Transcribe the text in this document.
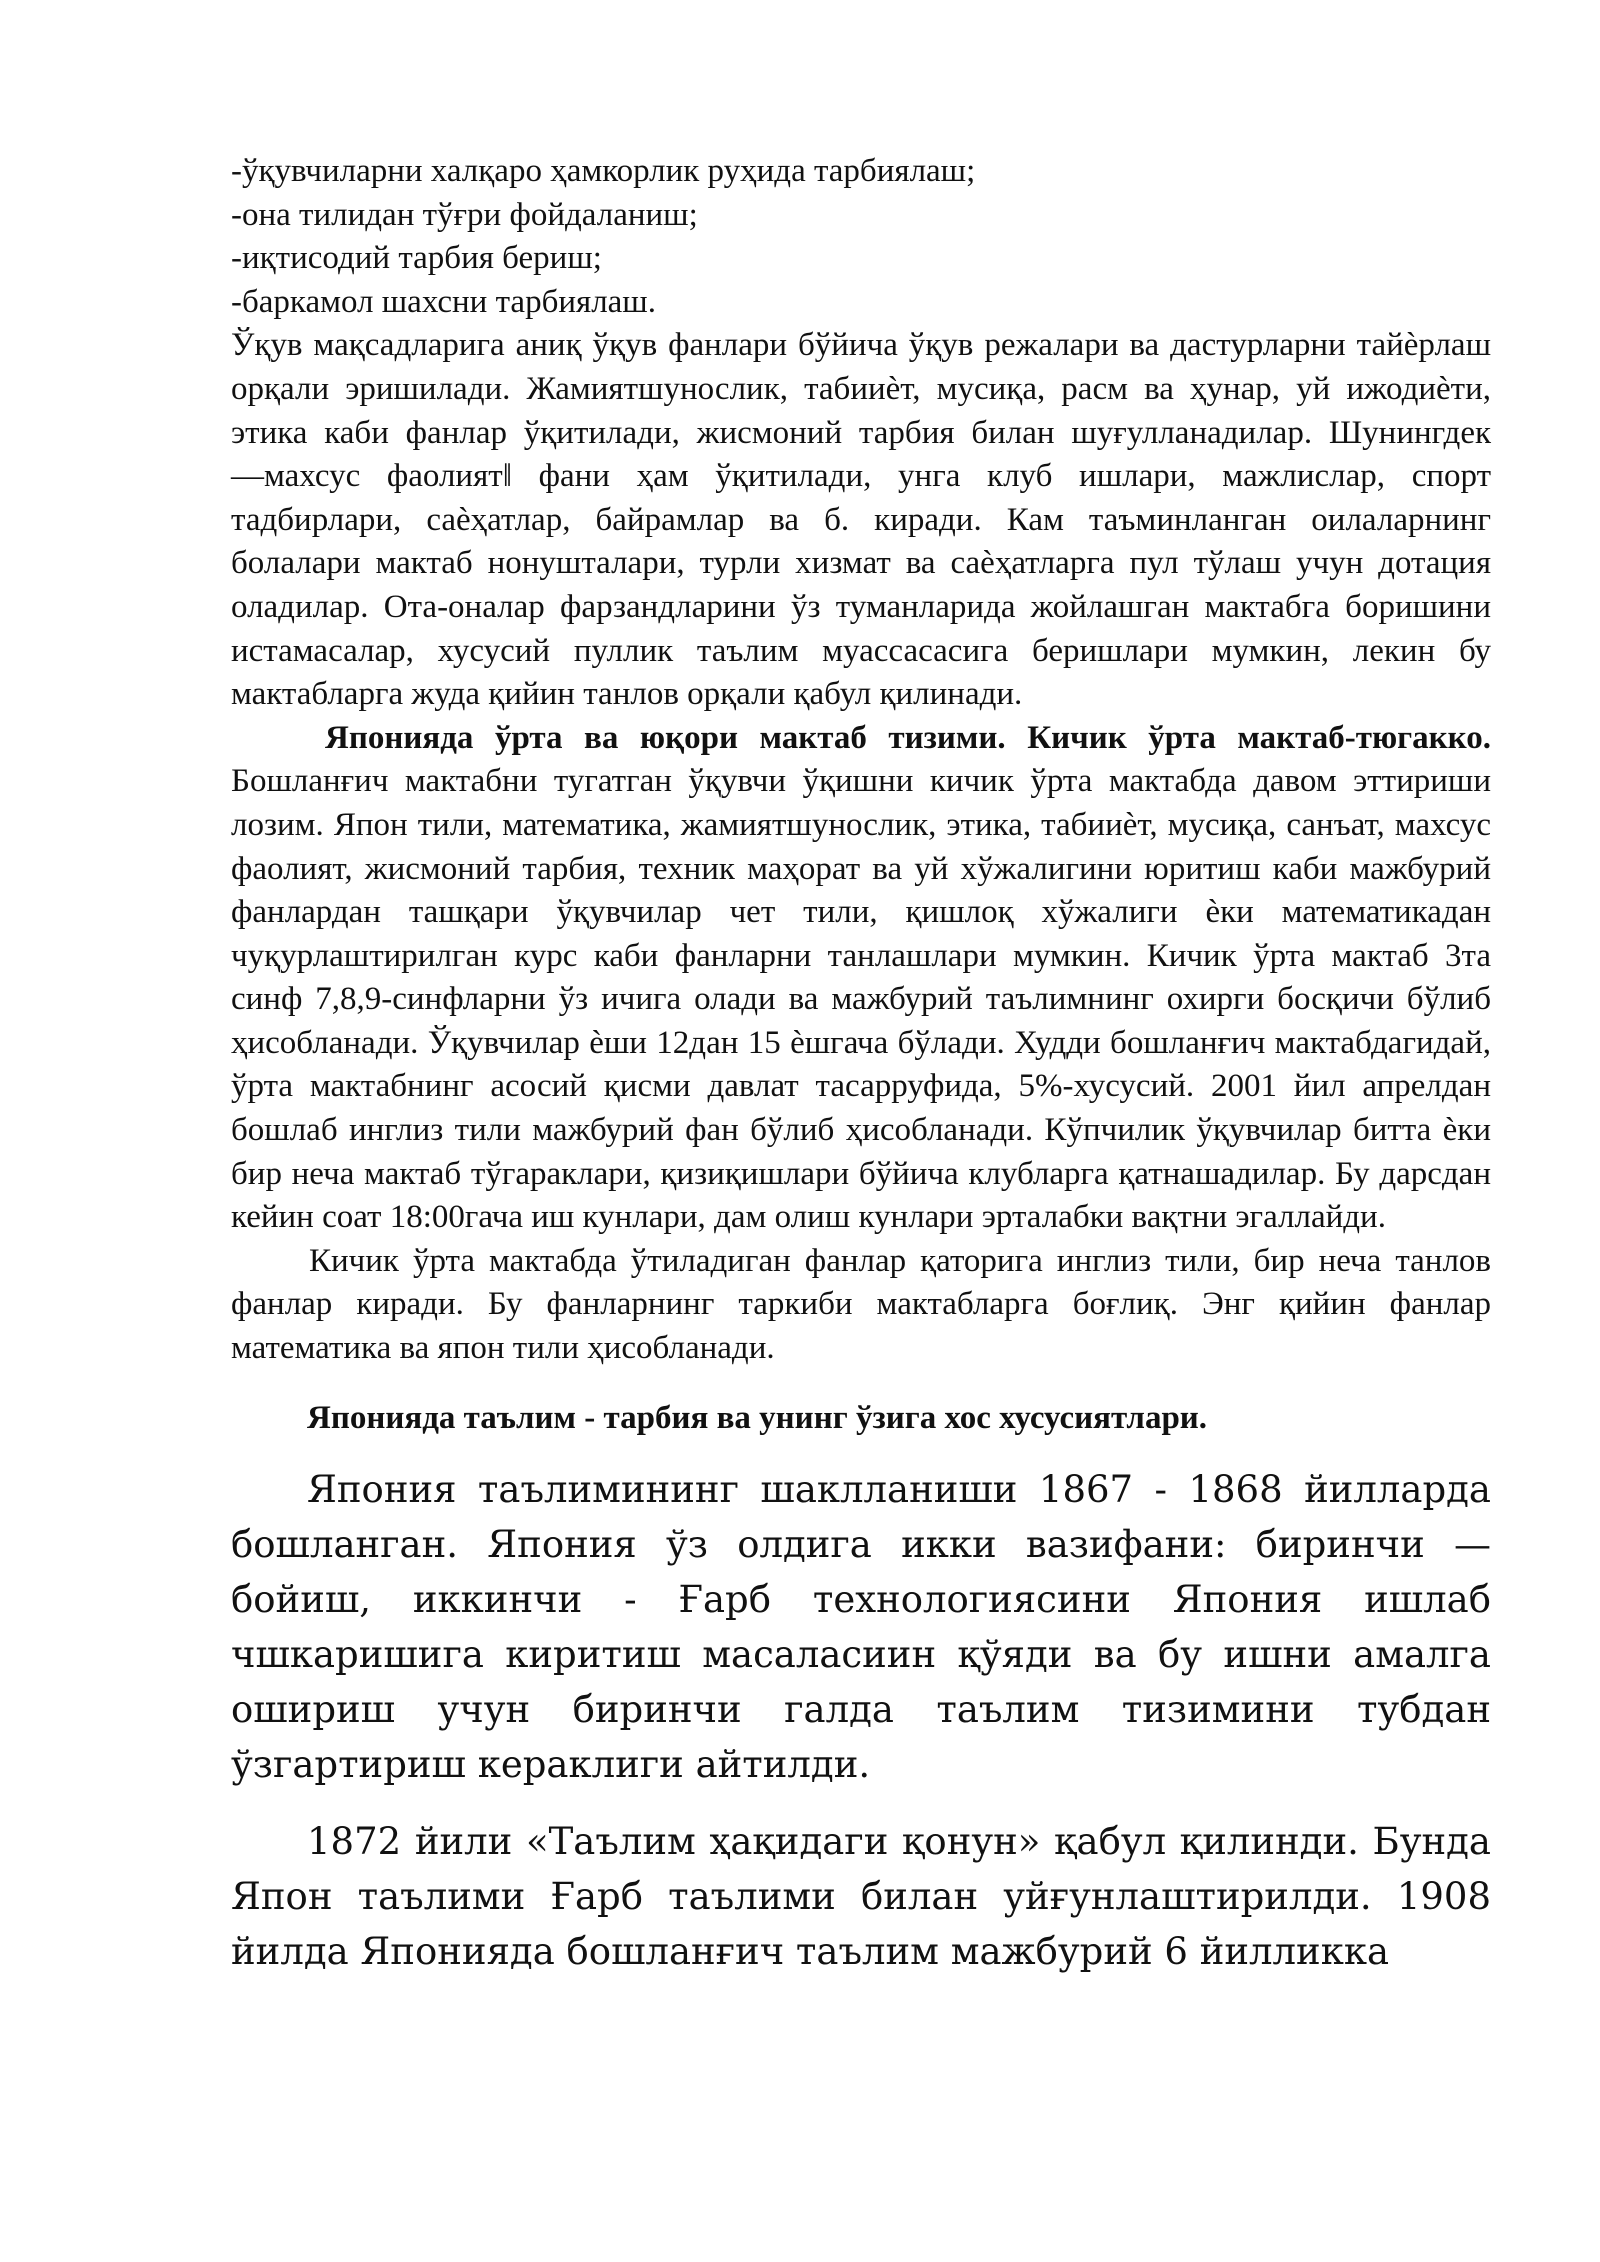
-ўқувчиларни халқаро ҳамкорлик руҳида тарбиялаш;

-она тилидан тўғри фойдаланиш;

-иқтисодий тарбия бериш;

-баркамол шахсни тарбиялаш.

Ўқув мақсадларига аниқ ўқув фанлари бўйича ўқув режалари ва дастурларни тайѐрлаш орқали эришилади. Жамиятшунослик, табииѐт, мусиқа, расм ва ҳунар, уй ижодиѐти, этика каби фанлар ўқитилади, жисмоний тарбия билан шуғулланадилар. Шунингдек ―махсус фаолият‖ фани ҳам ўқитилади, унга клуб ишлари, мажлислар, спорт тадбирлари, саѐҳатлар, байрамлар ва б. киради. Кам таъминланган оилаларнинг болалари мактаб нонушталари, турли хизмат ва саѐҳатларга пул тўлаш учун дотация оладилар. Ота-оналар фарзандларини ўз туманларида жойлашган мактабга боришини истамасалар, хусусий пуллик таълим муассасасига беришлари мумкин, лекин бу мактабларга жуда қийин танлов орқали қабул қилинади.

Японияда ўрта ва юқори мактаб тизими. Кичик ўрта мактаб-тюгакко. Бошланғич мактабни тугатган ўқувчи ўқишни кичик ўрта мактабда давом эттириши лозим. Япон тили, математика, жамиятшунослик, этика, табииѐт, мусиқа, санъат, махсус фаолият, жисмоний тарбия, техник маҳорат ва уй хўжалигини юритиш каби мажбурий фанлардан ташқари ўқувчилар чет тили, қишлоқ хўжалиги ѐки математикадан чуқурлаштирилган курс каби фанларни танлашлари мумкин. Кичик ўрта мактаб 3та синф 7,8,9-синфларни ўз ичига олади ва мажбурий таълимнинг охирги босқичи бўлиб ҳисобланади. Ўқувчилар ѐши 12дан 15 ѐшгача бўлади. Худди бошланғич мактабдагидай, ўрта мактабнинг асосий қисми давлат тасарруфида, 5%-хусусий. 2001 йил апрелдан бошлаб инглиз тили мажбурий фан бўлиб ҳисобланади. Кўпчилик ўқувчилар битта ѐки бир неча мактаб тўгараклари, қизиқишлари бўйича клубларга қатнашадилар. Бу дарсдан кейин соат 18:00гача иш кунлари, дам олиш кунлари эрталабки вақтни эгаллайди.

Кичик ўрта мактабда ўтиладиган фанлар қаторига инглиз тили, бир неча танлов фанлар киради. Бу фанларнинг таркиби мактабларга боғлиқ. Энг қийин фанлар математика ва япон тили ҳисобланади.

Японияда таълим - тарбия ва унинг ўзига хос хусусиятлари.

Япония таълимининг шаклланиши 1867 - 1868 йилларда бошланган. Япония ўз олдига икки вазифани: биринчи — бойиш, иккинчи - Ғарб технологиясини Япония ишлаб чшкаришига киритиш масаласиин қўяди ва бу ишни амалга ошириш учун биринчи галда таълим тизимини тубдан ўзгартириш кераклиги айтилди.

1872 йили «Таълим ҳақидаги қонун» қабул қилинди. Бунда Япон таълими Ғарб таълими билан уйғунлаштирилди. 1908 йилда Японияда бошланғич таълим мажбурий 6 йилликка
